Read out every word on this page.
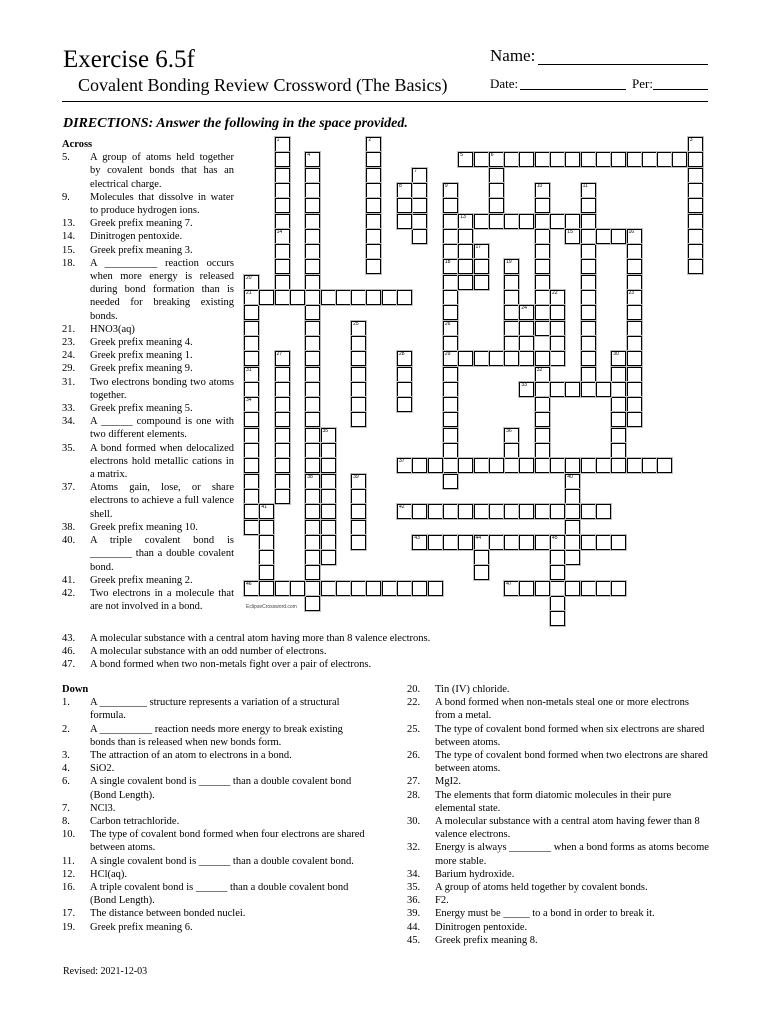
Exercise 6.5f
Covalent Bonding Review Crossword (The Basics)
Name:
Date:	Per:
DIRECTIONS: Answer the following in the space provided.
Across
5. A group of atoms held together by covalent bonds that has an electrical charge.
9. Molecules that dissolve in water to produce hydrogen ions.
13. Greek prefix meaning 7.
14. Dinitrogen pentoxide.
15. Greek prefix meaning 3.
18. A __________ reaction occurs when more energy is released during bond formation than is needed for breaking existing bonds.
21. HNO3(aq)
23. Greek prefix meaning 4.
24. Greek prefix meaning 1.
29. Greek prefix meaning 9.
31. Two electrons bonding two atoms together.
33. Greek prefix meaning 5.
34. A ______ compound is one with two different elements.
35. A bond formed when delocalized electrons hold metallic cations in a matrix.
37. Atoms gain, lose, or share electrons to achieve a full valence shell.
38. Greek prefix meaning 10.
40. A triple covalent bond is ________ than a double covalent bond.
41. Greek prefix meaning 2.
42. Two electrons in a molecule that are not involved in a bond.
43. A molecular substance with a central atom having more than 8 valence electrons.
46. A molecular substance with an odd number of electrons.
47. A bond formed when two non-metals fight over a pair of electrons.
Down
1. A _________ structure represents a variation of a structural formula.
2. A __________ reaction needs more energy to break existing bonds than is released when new bonds form.
3. The attraction of an atom to electrons in a bond.
4. SiO2.
6. A single covalent bond is ______ than a double covalent bond (Bond Length).
7. NCl3.
8. Carbon tetrachloride.
10. The type of covalent bond formed when four electrons are shared between atoms.
11. A single covalent bond is ______ than a double covalent bond.
12. HCl(aq).
16. A triple covalent bond is ______ than a double covalent bond (Bond Length).
17. The distance between bonded nuclei.
19. Greek prefix meaning 6.
20. Tin (IV) chloride.
22. A bond formed when non-metals steal one or more electrons from a metal.
25. The type of covalent bond formed when six electrons are shared between atoms.
26. The type of covalent bond formed when two electrons are shared between atoms.
27. MgI2.
28. The elements that form diatomic molecules in their pure elemental state.
30. A molecular substance with a central atom having fewer than 8 valence electrons.
32. Energy is always ________ when a bond forms as atoms become more stable.
34. Barium hydroxide.
35. A group of atoms held together by covalent bonds.
36. F2.
39. Energy must be _____ to a bond in order to break it.
44. Dinitrogen pentoxide.
45. Greek prefix meaning 8.
1
14
2	3
4
38
5	6
7
8	9
18
10	11
13
15	16
23
17
26
29
19
20
21	22
24
25
27	28	30
31
34
32
33
35	36
37
39	40
41	42
43	44	45
46	47
EclipseCrossword.com
Revised: 2021-12-03
